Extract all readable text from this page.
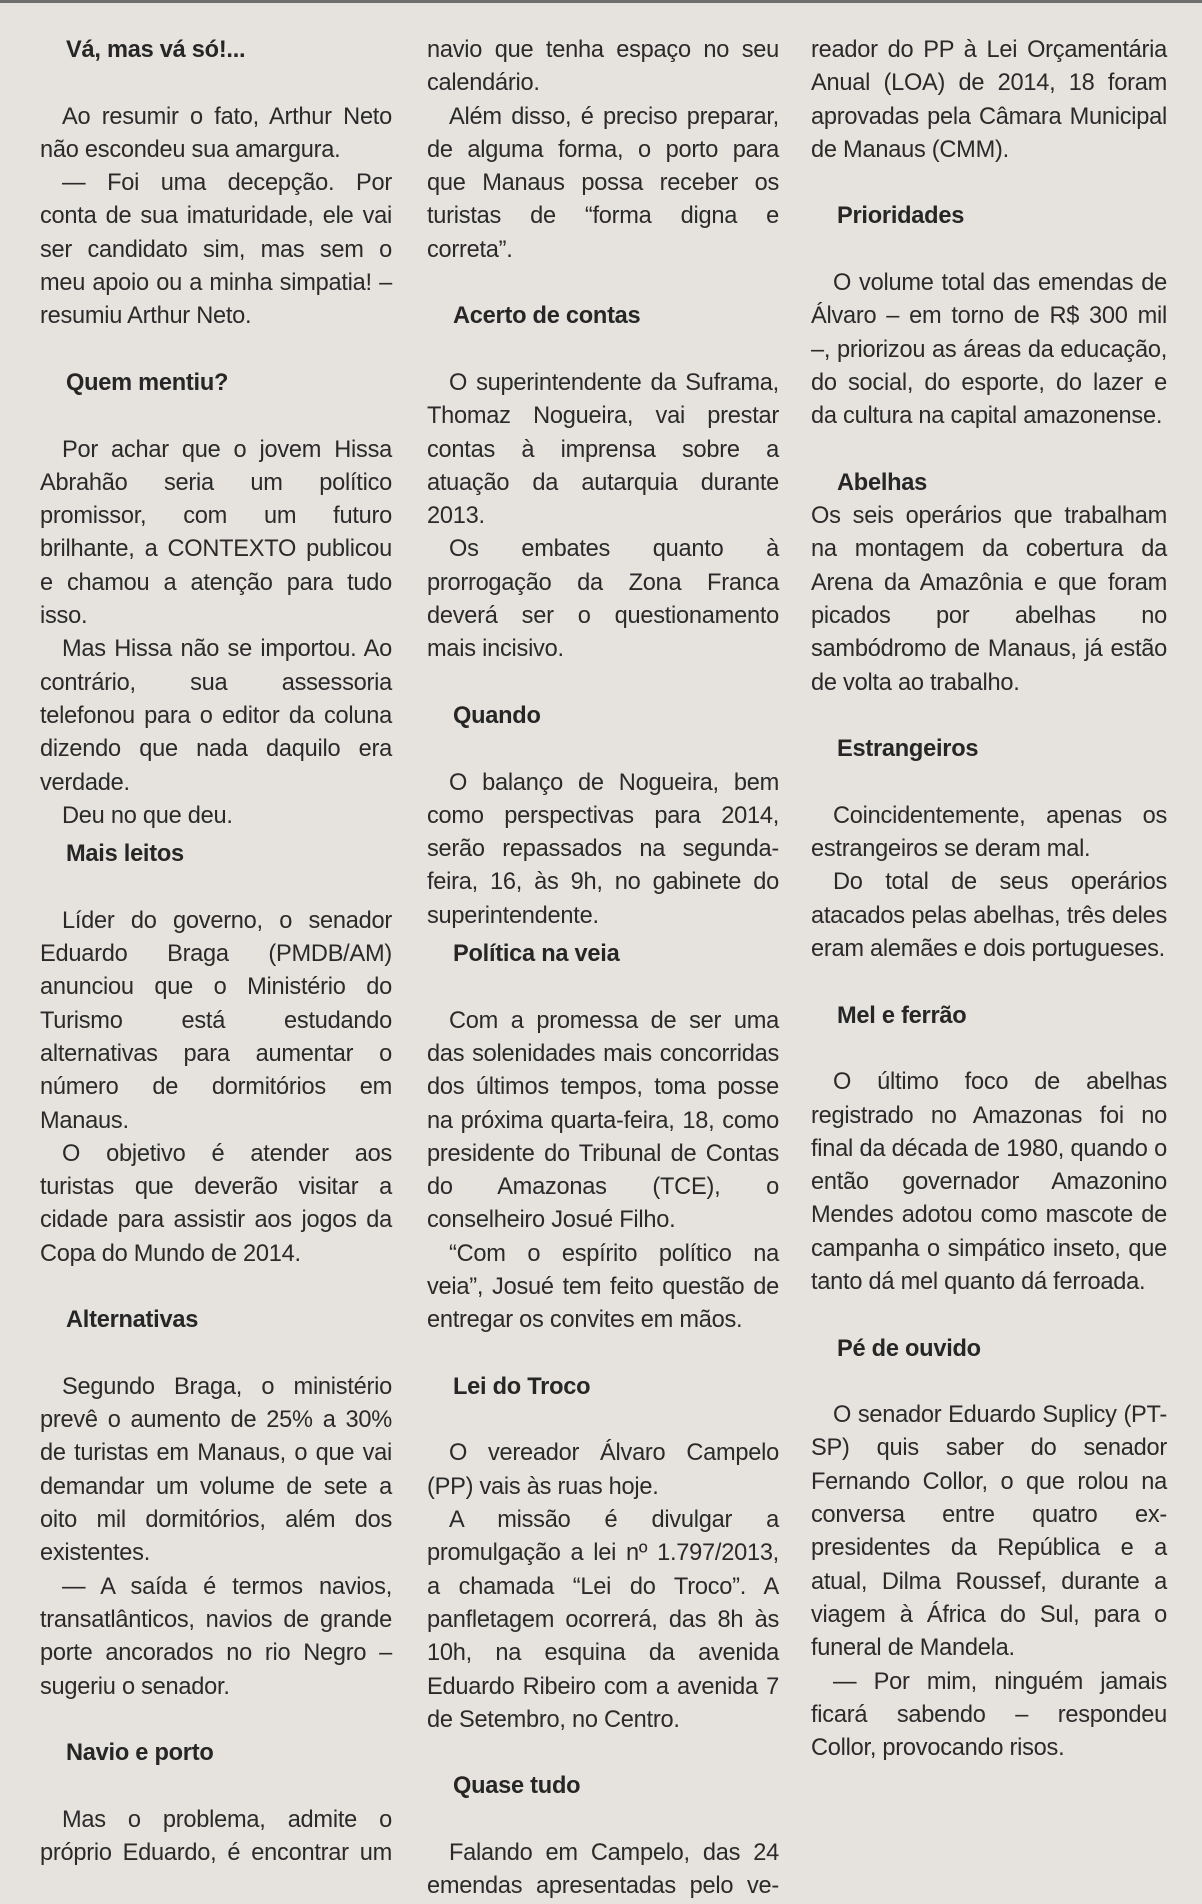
Vá, mas vá só!...

Ao resumir o fato, Arthur Neto não escondeu sua amargura.

— Foi uma decepção. Por conta de sua imaturidade, ele vai ser candidato sim, mas sem o meu apoio ou a minha simpatia! – resumiu Arthur Neto.

Quem mentiu?

Por achar que o jovem Hissa Abrahão seria um político promissor, com um futuro brilhante, a CONTEXTO publicou e chamou a atenção para tudo isso.

Mas Hissa não se importou. Ao contrário, sua assessoria telefonou para o editor da coluna dizendo que nada daquilo era verdade.

Deu no que deu.

Mais leitos

Líder do governo, o senador Eduardo Braga (PMDB/AM) anunciou que o Ministério do Turismo está estudando alternativas para aumentar o número de dormitórios em Manaus.

O objetivo é atender aos turistas que deverão visitar a cidade para assistir aos jogos da Copa do Mundo de 2014.

Alternativas

Segundo Braga, o ministério prevê o aumento de 25% a 30% de turistas em Manaus, o que vai demandar um volume de sete a oito mil dormitórios, além dos existentes.

— A saída é termos navios, transatlânticos, navios de grande porte ancorados no rio Negro – sugeriu o senador.

Navio e porto

Mas o problema, admite o próprio Eduardo, é encontrar um

navio que tenha espaço no seu calendário.

Além disso, é preciso preparar, de alguma forma, o porto para que Manaus possa receber os turistas de “forma digna e correta”.

Acerto de contas

O superintendente da Suframa, Thomaz Nogueira, vai prestar contas à imprensa sobre a atuação da autarquia durante 2013.

Os embates quanto à prorrogação da Zona Franca deverá ser o questionamento mais incisivo.

Quando

O balanço de Nogueira, bem como perspectivas para 2014, serão repassados na segunda-feira, 16, às 9h, no gabinete do superintendente.

Política na veia

Com a promessa de ser uma das solenidades mais concorridas dos últimos tempos, toma posse na próxima quarta-feira, 18, como presidente do Tribunal de Contas do Amazonas (TCE), o conselheiro Josué Filho.

“Com o espírito político na veia”, Josué tem feito questão de entregar os convites em mãos.

Lei do Troco

O vereador Álvaro Campelo (PP) vais às ruas hoje.

A missão é divulgar a promulgação a lei nº 1.797/2013, a chamada “Lei do Troco”. A panfletagem ocorrerá, das 8h às 10h, na esquina da avenida Eduardo Ribeiro com a avenida 7 de Setembro, no Centro.

Quase tudo

Falando em Campelo, das 24 emendas apresentadas pelo ve-

reador do PP à Lei Orçamentária Anual (LOA) de 2014, 18 foram aprovadas pela Câmara Municipal de Manaus (CMM).

Prioridades

O volume total das emendas de Álvaro – em torno de R$ 300 mil –, priorizou as áreas da educação, do social, do esporte, do lazer e da cultura na capital amazonense.

Abelhas

Os seis operários que trabalham na montagem da cobertura da Arena da Amazônia e que foram picados por abelhas no sambódromo de Manaus, já estão de volta ao trabalho.

Estrangeiros

Coincidentemente, apenas os estrangeiros se deram mal.

Do total de seus operários atacados pelas abelhas, três deles eram alemães e dois portugueses.

Mel e ferrão

O último foco de abelhas registrado no Amazonas foi no final da década de 1980, quando o então governador Amazonino Mendes adotou como mascote de campanha o simpático inseto, que tanto dá mel quanto dá ferroada.

Pé de ouvido

O senador Eduardo Suplicy (PT-SP) quis saber do senador Fernando Collor, o que rolou na conversa entre quatro ex-presidentes da República e a atual, Dilma Roussef, durante a viagem à África do Sul, para o funeral de Mandela.

— Por mim, ninguém jamais ficará sabendo – respondeu Collor, provocando risos.
